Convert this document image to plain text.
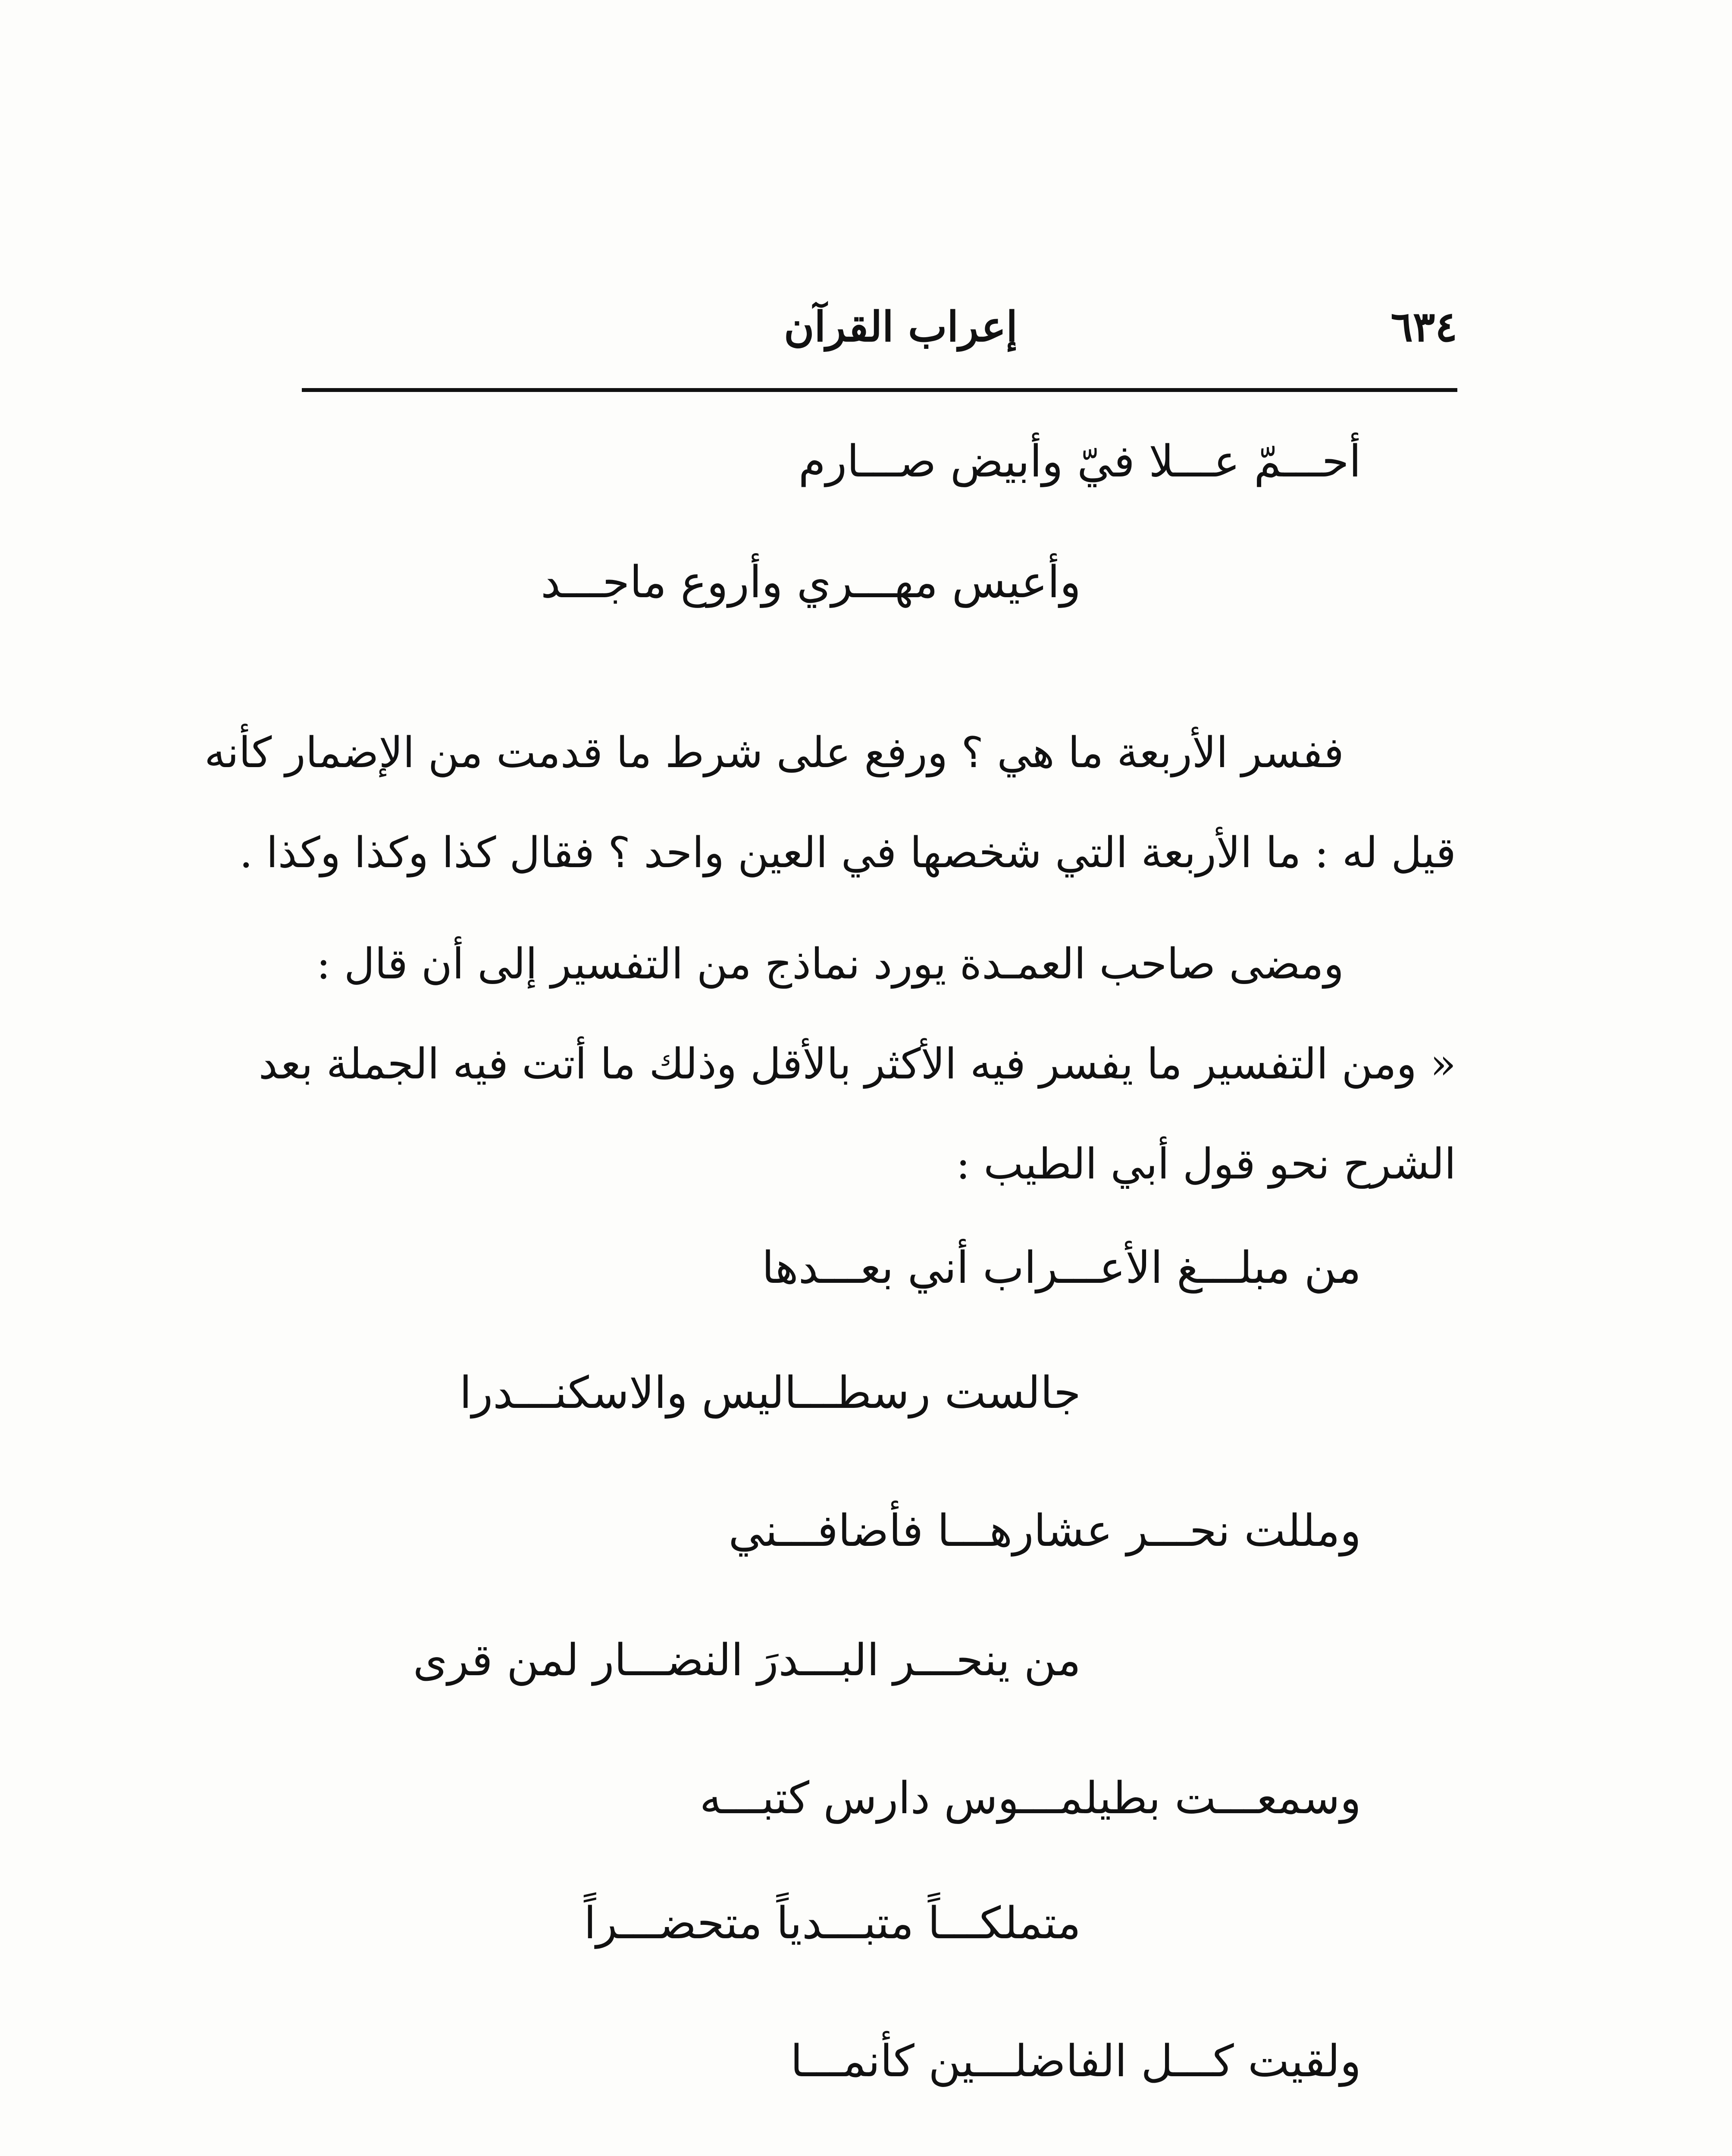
٦٣٤
إعراب القرآن
أحـــمّ عـــلا فيّ وأبيض صـــارم
وأعيس مهـــري وأروع ماجـــد

ففسر الأربعة ما هي ؟ ورفع على شرط ما قدمت من الإضمار كأنه
قيل له : ما الأربعة التي شخصها في العين واحد ؟ فقال كذا وكذا وكذا .

ومضى صاحب العمـدة يورد نماذج من التفسير إلى أن قال :
« ومن التفسير ما يفسر فيه الأكثر بالأقل وذلك ما أتت فيه الجملة بعد
الشرح نحو قول أبي الطيب :

من مبلـــغ الأعـــراب أني بعـــدها
جالست رسطـــاليس والاسكنـــدرا
ومللت نحـــر عشارهـــا فأضافـــني
من ينحـــر البـــدرَ النضـــار لمن قرى
وسمعـــت بطيلمـــوس دارس كتبـــه
متملكـــاً متبـــدياً متحضـــراً
ولقيت كـــل الفاضلـــين كأنمـــا
